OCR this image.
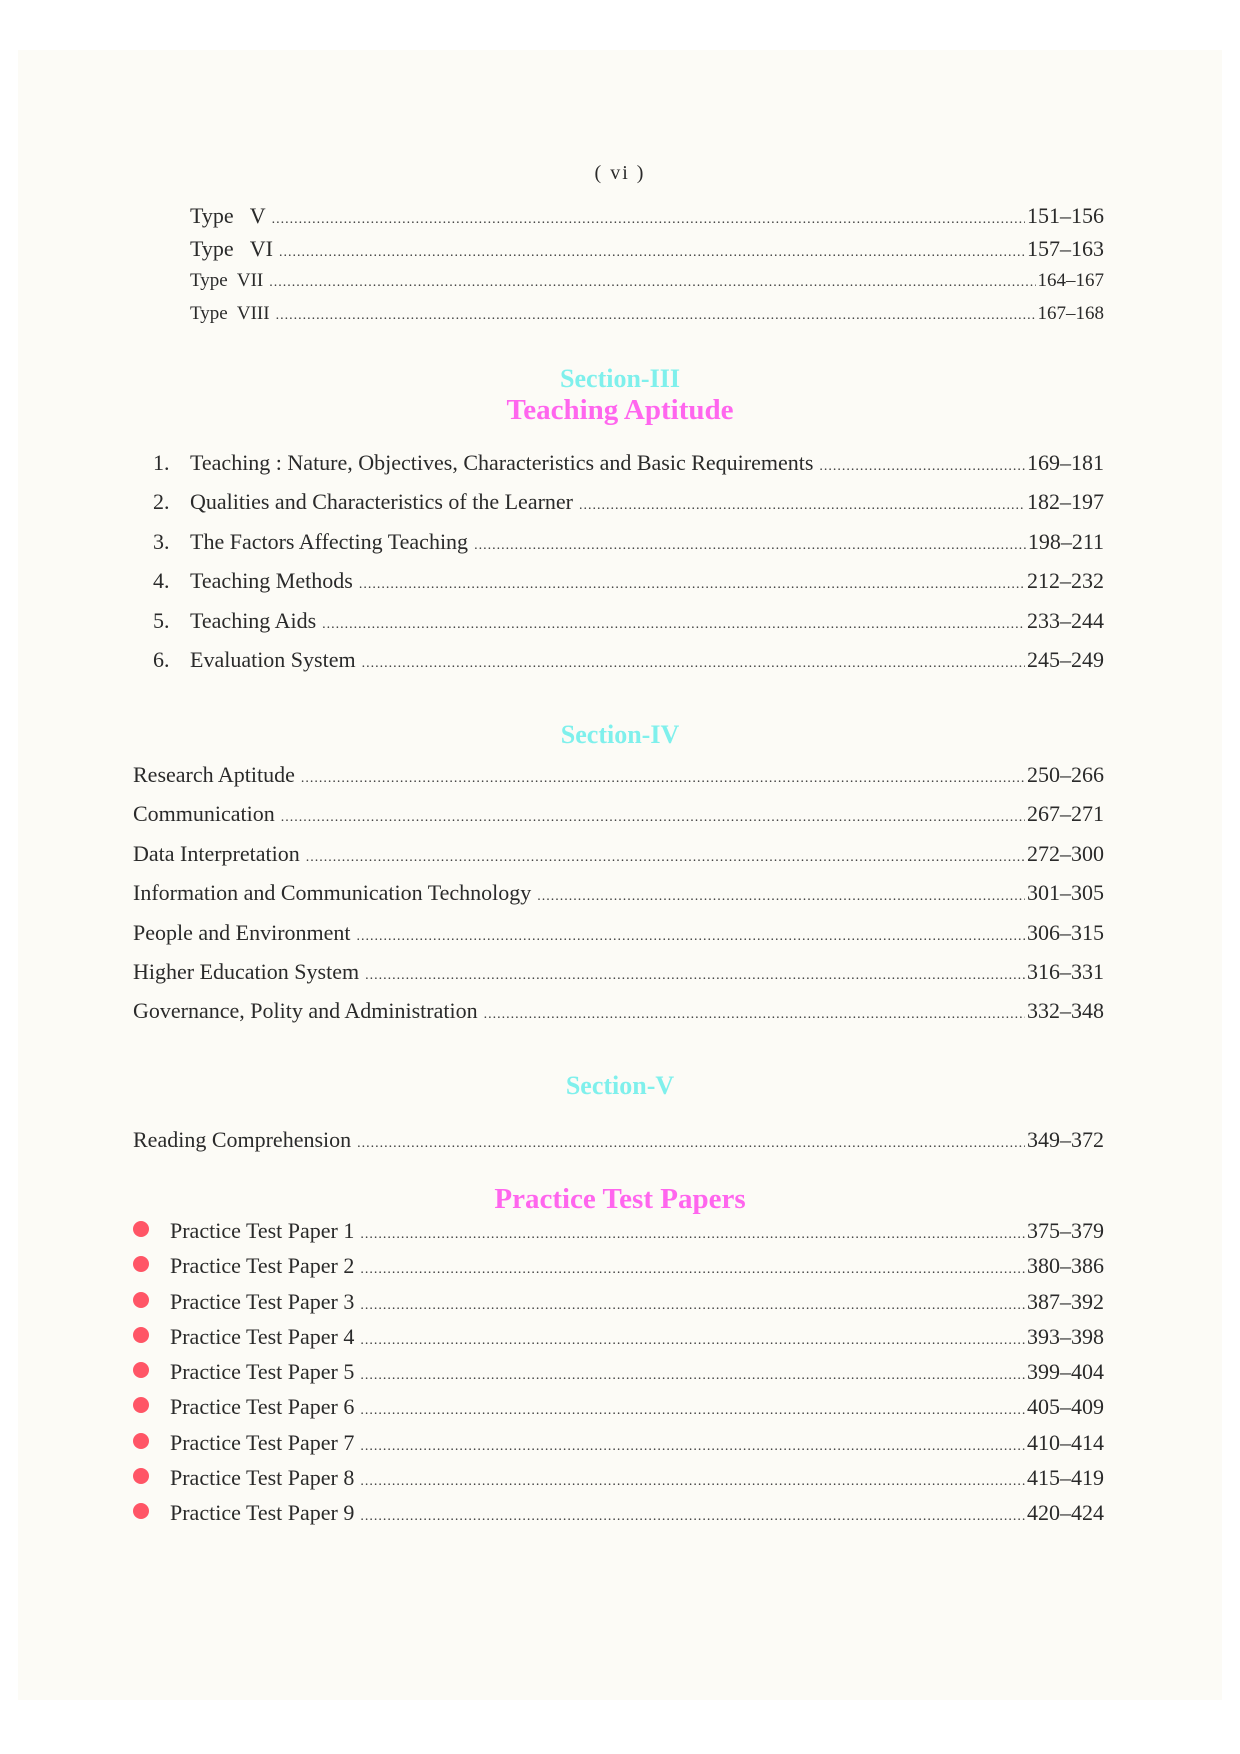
( vi )
Type   V .....	151–156
Type   VI .....	157–163
Type  VII .....	164–167
Type  VIII .....	167–168
Section-III
Teaching Aptitude
1. Teaching : Nature, Objectives, Characteristics and Basic Requirements .....	169–181
2. Qualities and Characteristics of the Learner .....	182–197
3. The Factors Affecting Teaching .....	198–211
4. Teaching Methods .....	212–232
5. Teaching Aids .....	233–244
6. Evaluation System .....	245–249
Section-IV
Research Aptitude .....	250–266
Communication .....	267–271
Data Interpretation .....	272–300
Information and Communication Technology .....	301–305
People and Environment .....	306–315
Higher Education System .....	316–331
Governance, Polity and Administration .....	332–348
Section-V
Reading Comprehension .....	349–372
Practice Test Papers
Practice Test Paper 1 .....	375–379
Practice Test Paper 2 .....	380–386
Practice Test Paper 3 .....	387–392
Practice Test Paper 4 .....	393–398
Practice Test Paper 5 .....	399–404
Practice Test Paper 6 .....	405–409
Practice Test Paper 7 .....	410–414
Practice Test Paper 8 .....	415–419
Practice Test Paper 9 .....	420–424
